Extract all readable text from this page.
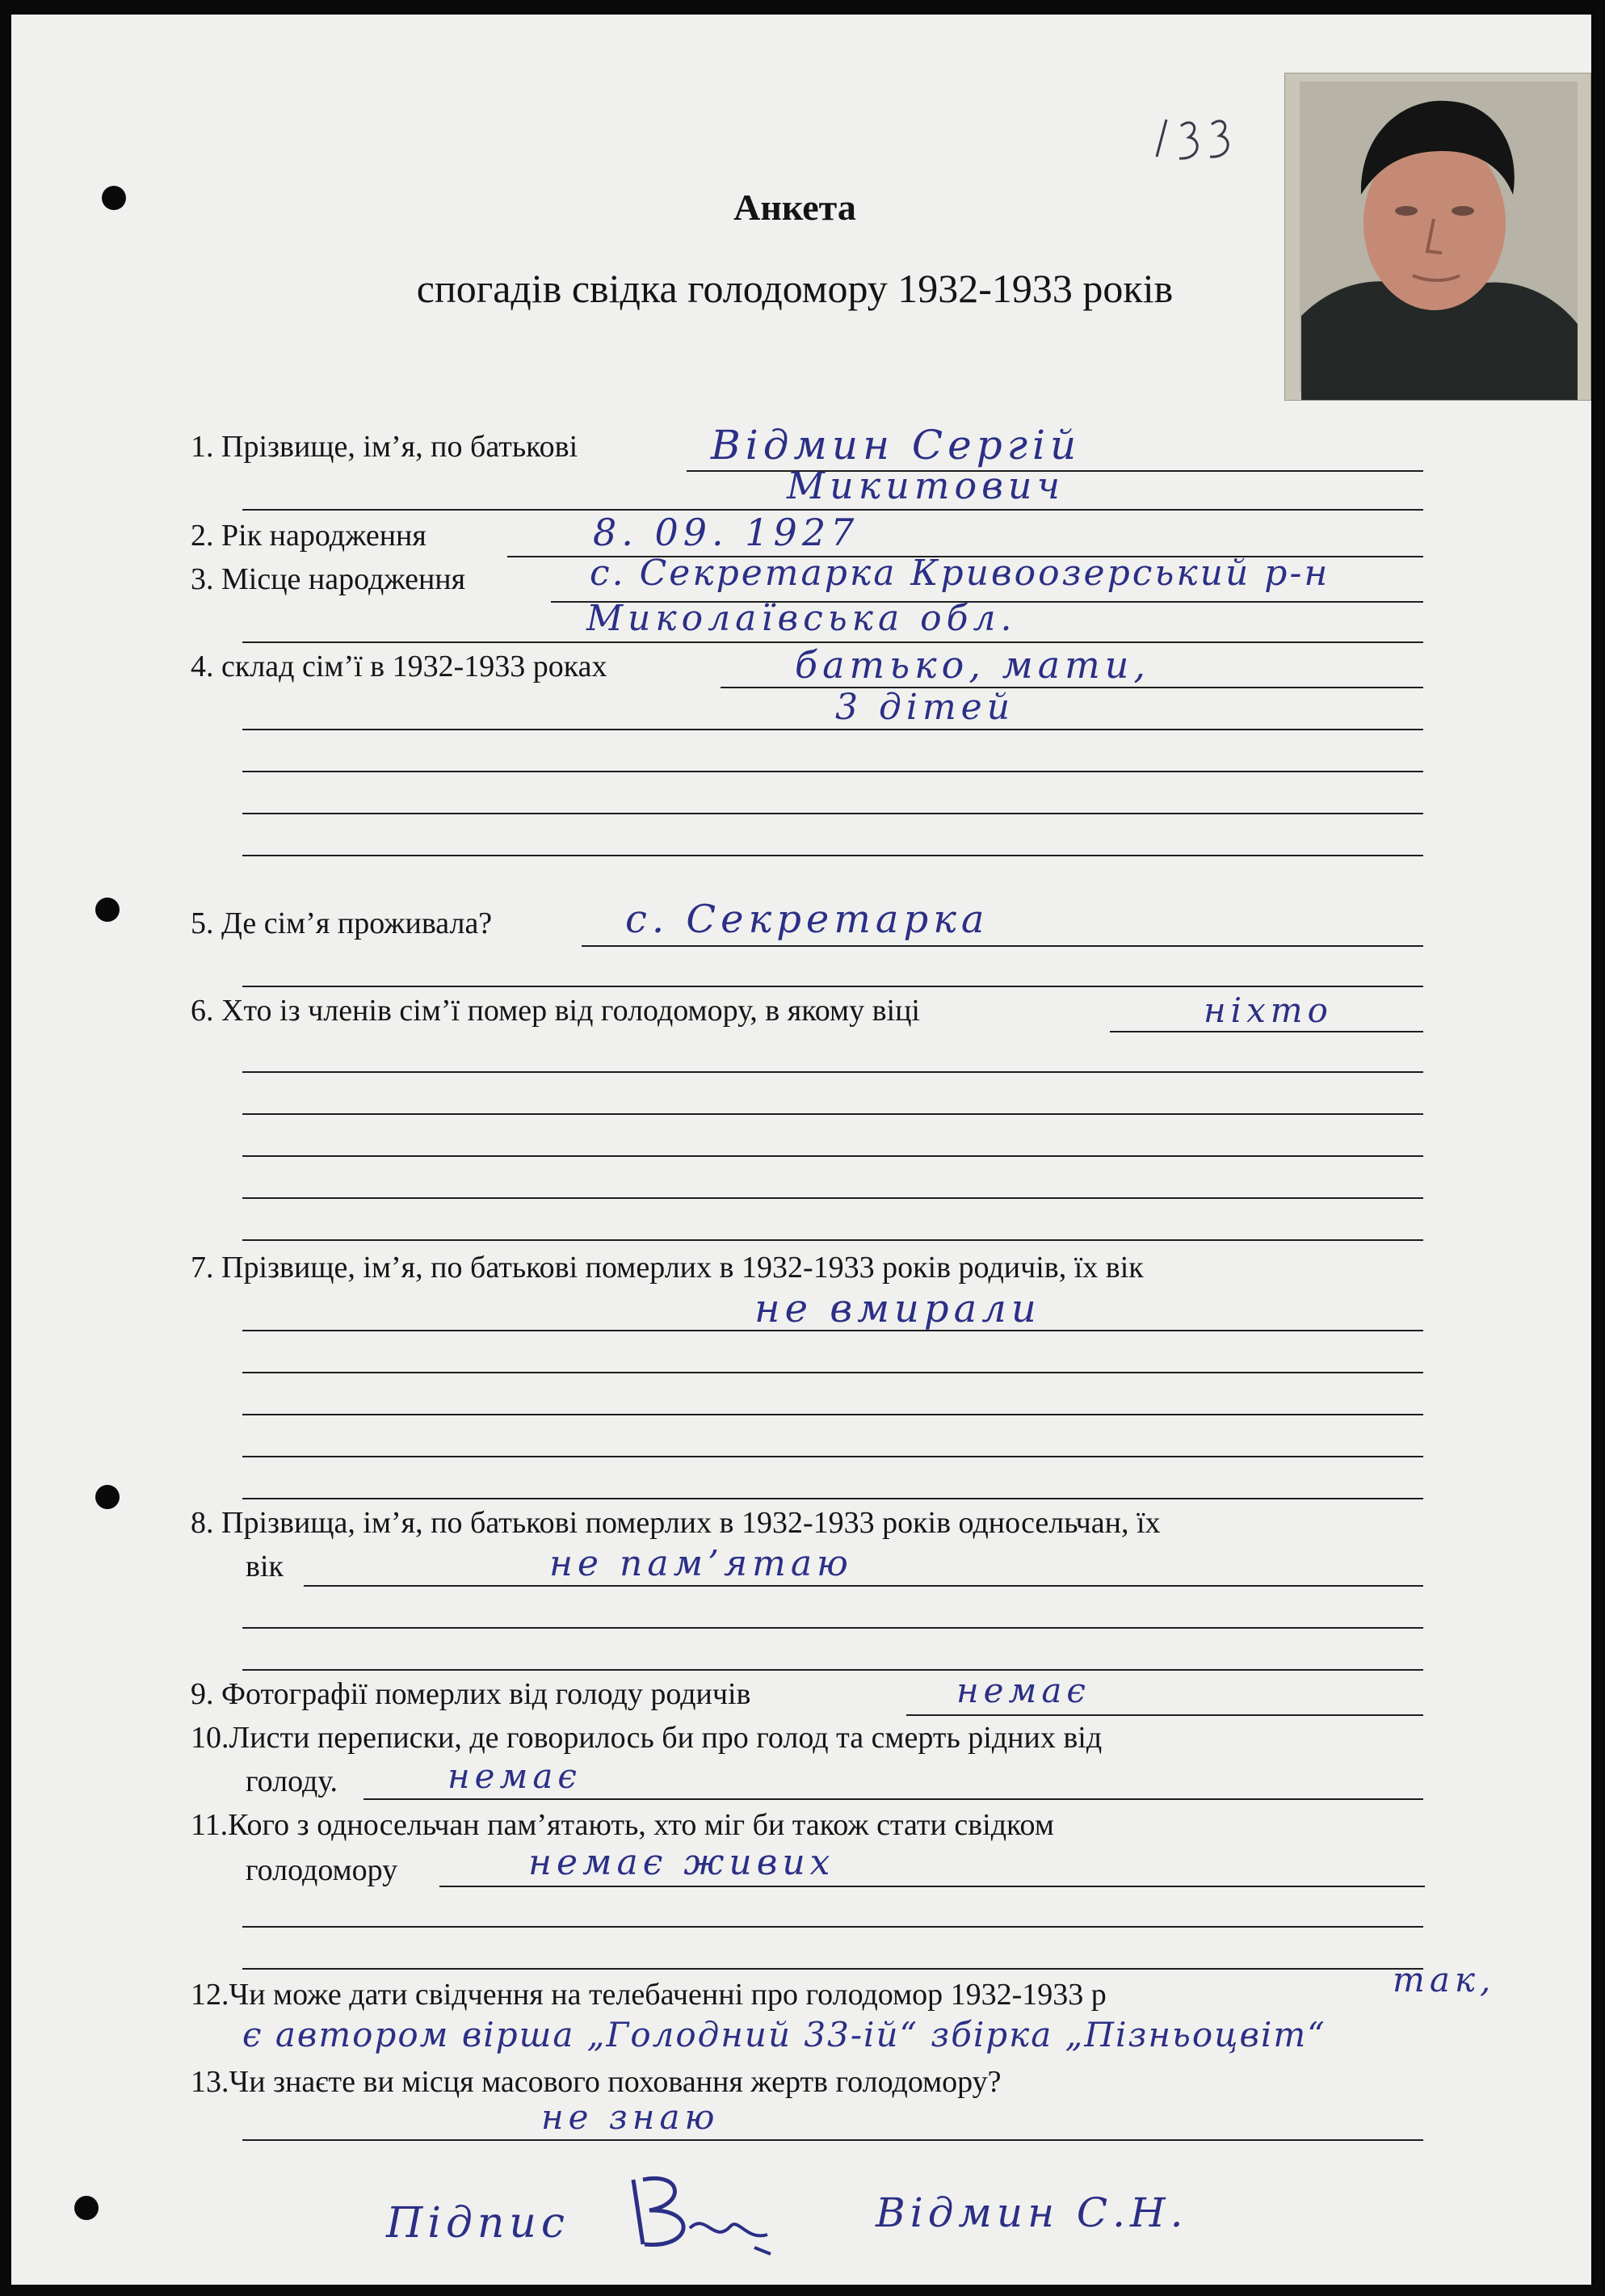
Анкета
спогадів свідка голодомору 1932-1933 років
1. Прізвище, ім’я, по батькові	Відмин Сергій
Микитович
2. Рік народження	8. 09. 1927
3. Місце народження	с. Секретарка Кривоозерський р-н
Миколаївська обл.
4. склад сім’ї в 1932-1933 роках	батько, мати,
3 дітей
5. Де сім’я проживала?	с. Секретарка
6. Хто із членів сім’ї помер від голодомору, в якому віці	ніхто
7. Прізвище, ім’я, по батькові померлих в 1932-1933 років родичів, їх вік
не вмирали
8. Прізвища, ім’я, по батькові померлих в 1932-1933 років односельчан, їх
вік	не пам’ятаю
9. Фотографії померлих від голоду родичів	немає
10.Листи переписки, де говорилось би про голод та смерть рідних від
голоду.	немає
11.Кого з односельчан пам’ятають, хто міг би також стати свідком
голодомору	немає живих
12.Чи може дати свідчення на телебаченні про голодомор 1932-1933 р	так,
є автором вірша „Голодний 33-ій“ збірка „Пізньоцвіт“
13.Чи знаєте ви місця масового поховання жертв голодомору?
не знаю
Підпис	Відмин С.Н.
